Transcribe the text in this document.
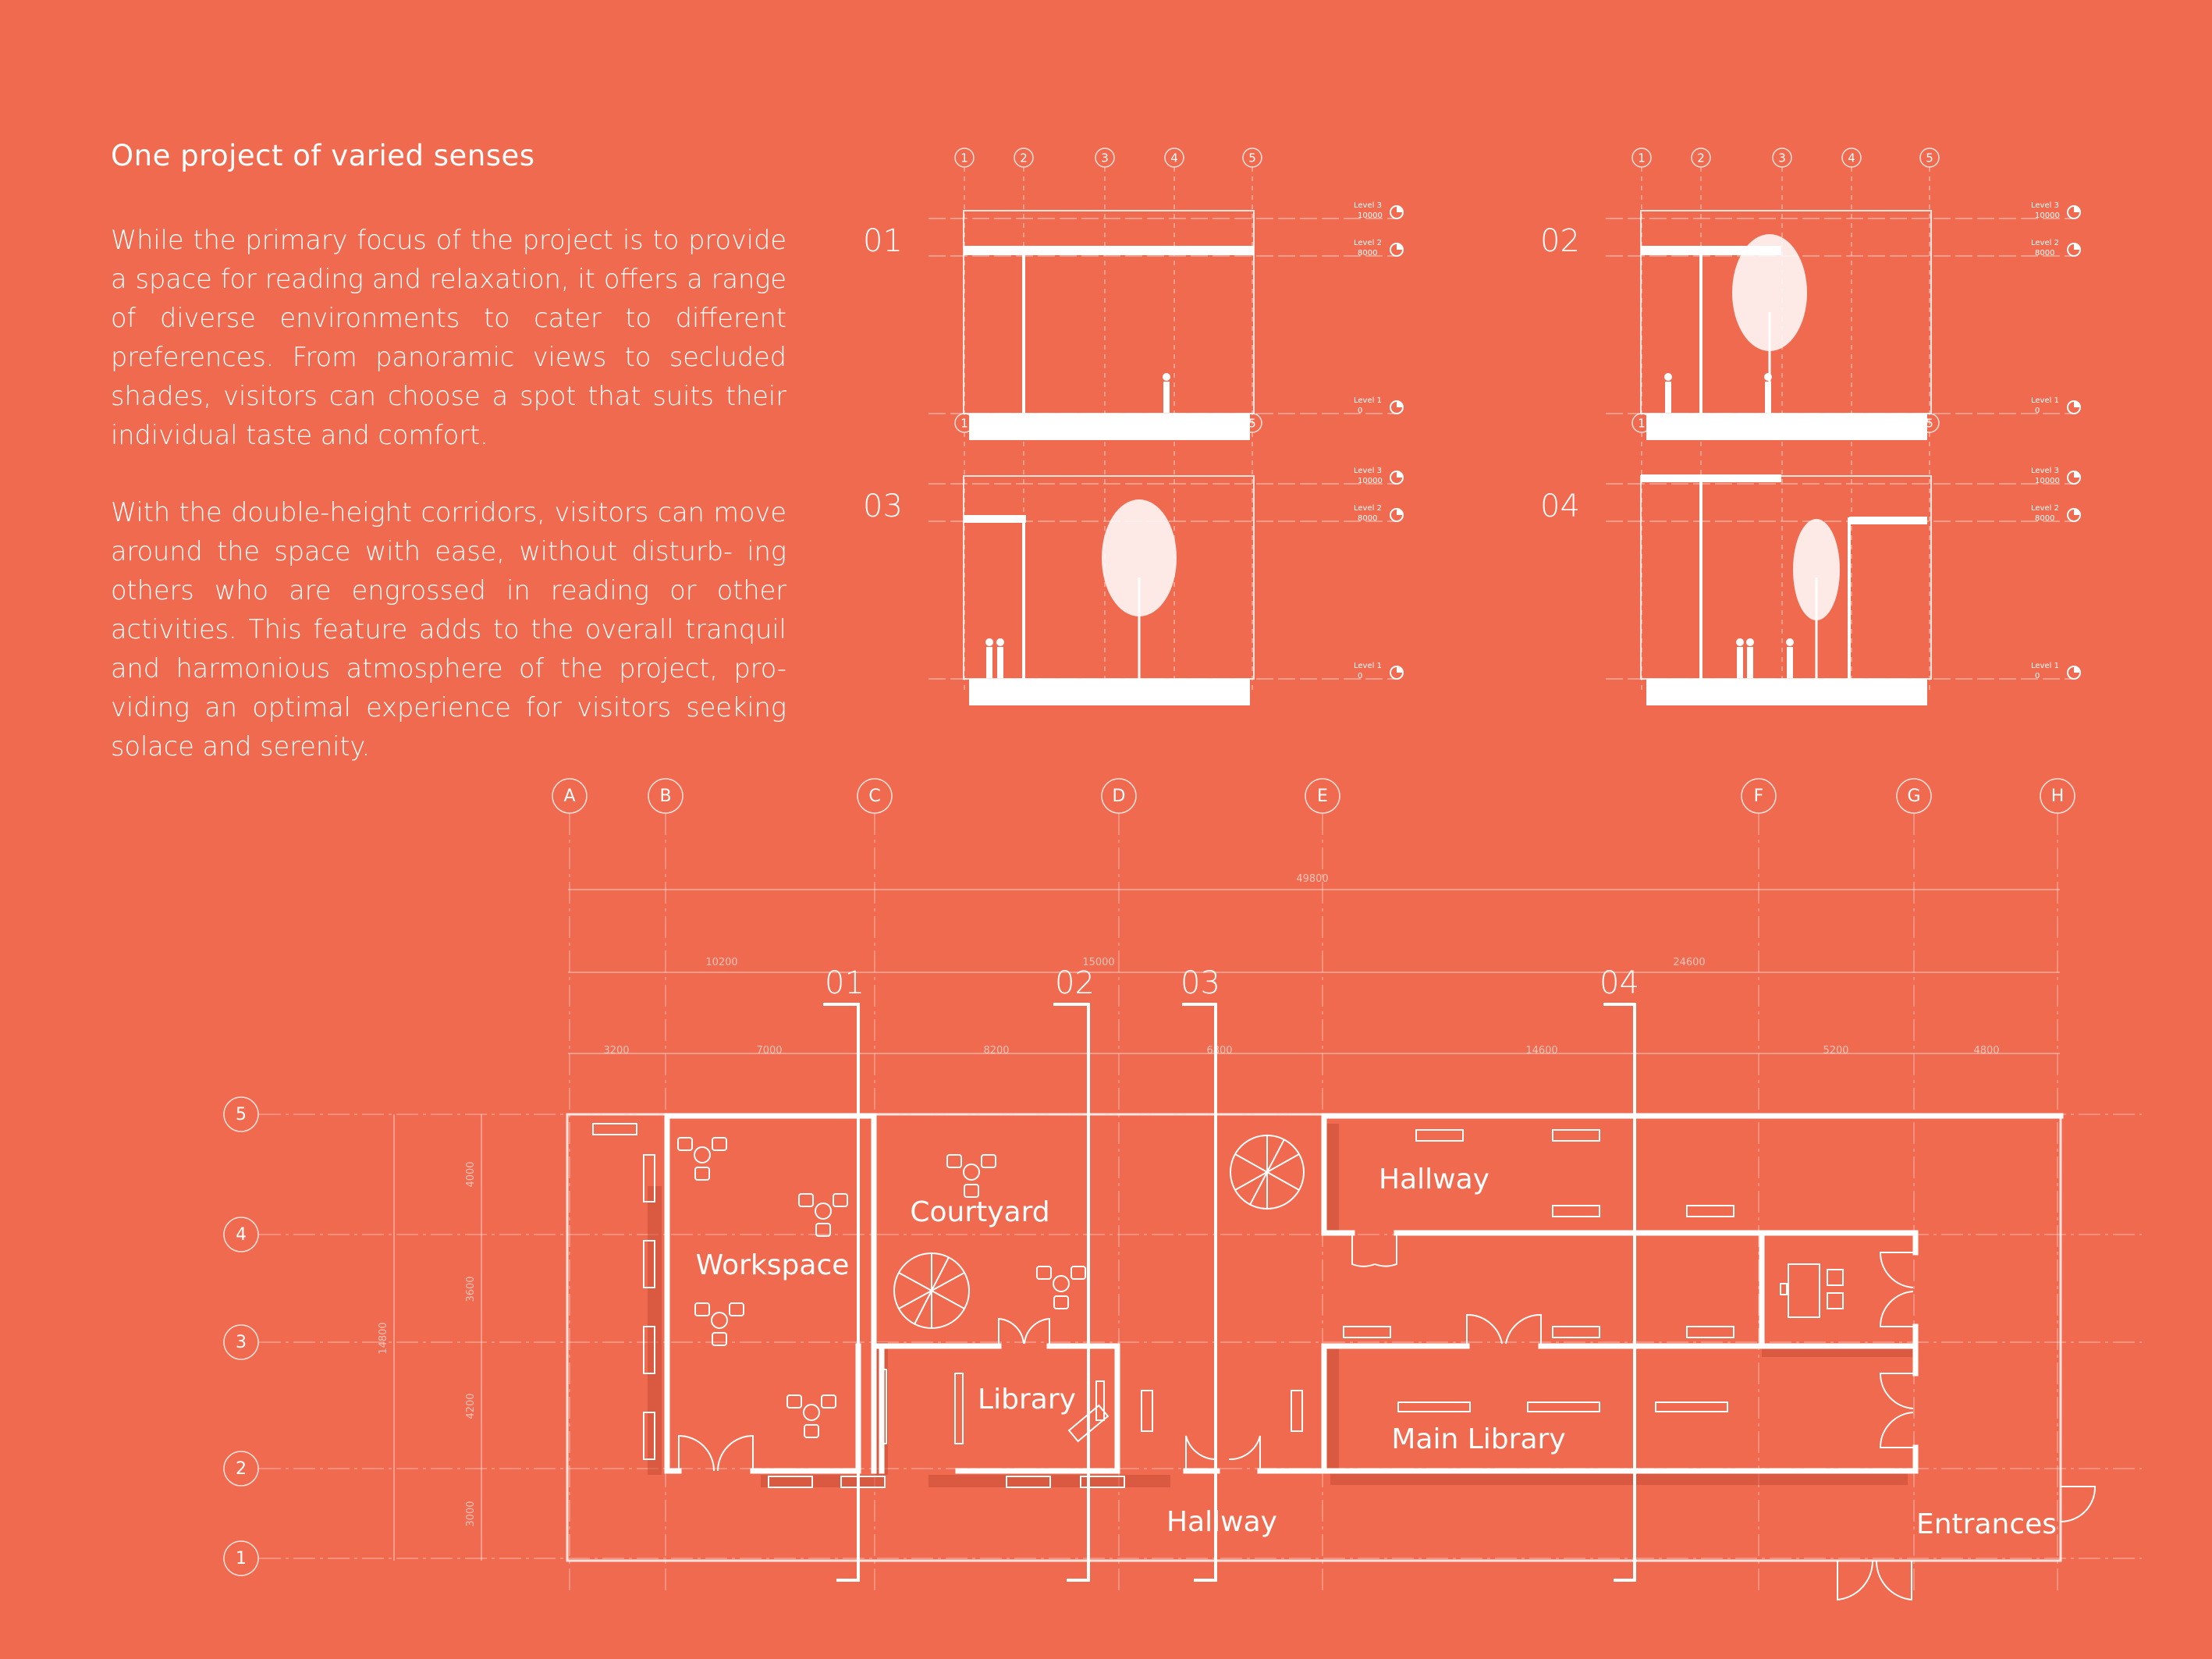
One project of varied senses
While the primary focus of the project is to provide a space for reading and relaxation, it offers a range of diverse environments to cater to different preferences. From panoramic views to secluded shades, visitors can choose a spot that suits their individual taste and comfort.
With the double-height corridors, visitors can move around the space with ease, without disturb- ing others who are engrossed in reading or other activities. This feature adds to the overall tranquil and harmonious atmosphere of the project, pro- viding an optimal experience for visitors seeking solace and serenity.
1	2	3	4	5
Level 3
10000
Level 2
8000
Level 1
0
01
1	2	3	4	5
Level 3
10000
Level 2
8000
Level 1
0
02
1	2	3	4	5
Level 3
10000
Level 2
8000
Level 1
0
03
1	2	3	4	5
Level 3
10000
Level 2
8000
Level 1
0
04
49800
10200	15000	24600
3200	7000	8200	6800	14600	5200	4800
14800
4000
3600
4200
3000
01	02	03	04
Workspace
Courtyard
Library
Hallway
Main Library
Hallway	Entrances
A	B	C	D	E	F	G	H
5
4
3
2
1
